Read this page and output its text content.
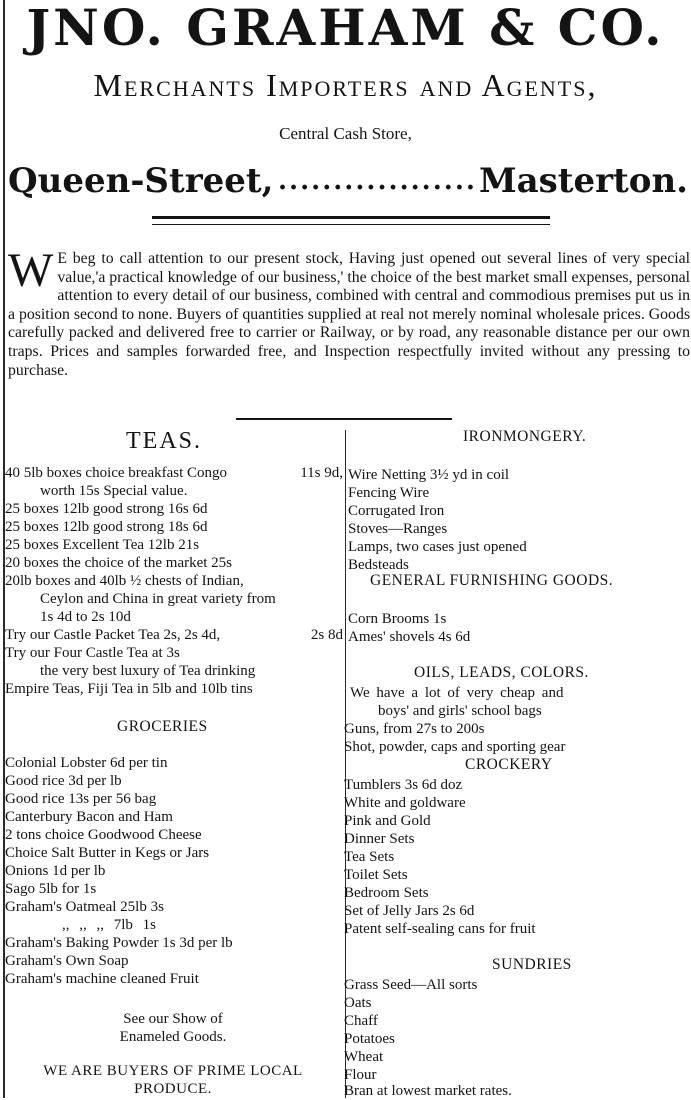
JNO. GRAHAM & CO.
Merchants Importers and Agents,
Central Cash Store,
Queen-Street, .................. Masterton.
W E beg to call attention to our present stock, Having just opened out several lines of very special value,'a practical knowledge of our business,' the choice of the best market small expenses, personal attention to every detail of our business, combined with central and commodious premises put us in a position second to none. Buyers of quantities supplied at real not merely nominal wholesale prices. Goods carefully packed and delivered free to carrier or Railway, or by road, any reasonable distance per our own traps. Prices and samples forwarded free, and Inspection respectfully invited without any pressing to purchase.
TEAS.
40 5lb boxes choice breakfast Congo	11s 9d,
worth 15s Special value.
25 boxes 12lb good strong 16s 6d
25 boxes 12lb good strong 18s 6d
25 boxes Excellent Tea 12lb 21s
20 boxes the choice of the market 25s
20lb boxes and 40lb ½ chests of Indian,
Ceylon and China in great variety from
1s 4d to 2s 10d
Try our Castle Packet Tea 2s, 2s 4d,	2s 8d
Try our Four Castle Tea at 3s
the very best luxury of Tea drinking
Empire Teas, Fiji Tea in 5lb and 10lb tins
GROCERIES
Colonial Lobster 6d per tin
Good rice 3d per lb
Good rice 13s per 56 bag
Canterbury Bacon and Ham
2 tons choice Goodwood Cheese
Choice Salt Butter in Kegs or Jars
Onions 1d per lb
Sago 5lb for 1s
Graham's Oatmeal 25lb 3s
,, ,, ,, 7lb 1s
Graham's Baking Powder 1s 3d per lb
Graham's Own Soap
Graham's machine cleaned Fruit
See our Show of
Enameled Goods.
WE ARE BUYERS OF PRIME LOCAL
PRODUCE.
IRONMONGERY.
Wire Netting 3½ yd in coil
Fencing Wire
Corrugated Iron
Stoves—Ranges
Lamps, two cases just opened
Bedsteads
GENERAL FURNISHING GOODS.
Corn Brooms 1s
Ames' shovels 4s 6d
OILS, LEADS, COLORS.
We have a lot of very cheap and
boys' and girls' school bags
Guns, from 27s to 200s
Shot, powder, caps and sporting gear
CROCKERY
Tumblers 3s 6d doz
White and goldware
Pink and Gold
Dinner Sets
Tea Sets
Toilet Sets
Bedroom Sets
Set of Jelly Jars 2s 6d
Patent self-sealing cans for fruit
SUNDRIES
Grass Seed—All sorts
Oats
Chaff
Potatoes
Wheat
Flour
Bran at lowest market rates.
